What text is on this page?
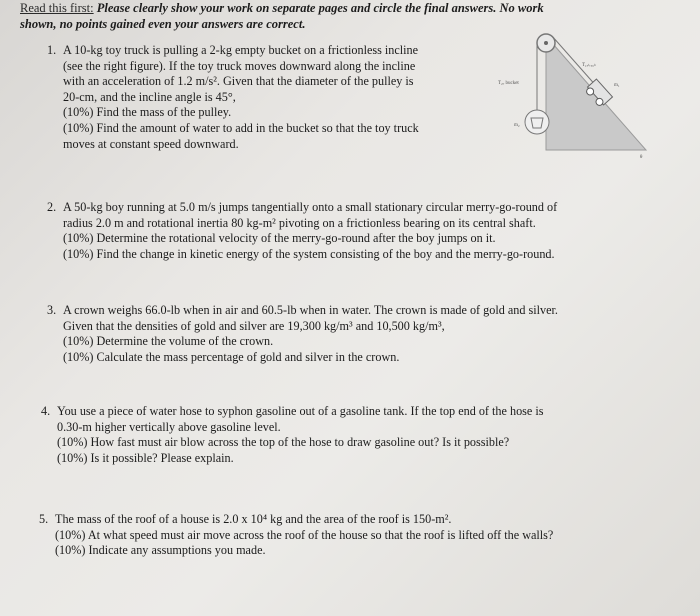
Read this first: Please clearly show your work on separate pages and circle the final answers. No work
shown, no points gained even your answers are correct.
1. A 10-kg toy truck is pulling a 2-kg empty bucket on a frictionless incline
(see the right figure). If the toy truck moves downward along the incline
with an acceleration of 1.2 m/s². Given that the diameter of the pulley is
20-cm, and the incline angle is 45°,
(10%) Find the mass of the pulley.
(10%) Find the amount of water to add in the bucket so that the toy truck
moves at constant speed downward.
T₁ₑₜᵣᵤ꜀ₖ
T₂ₒ bucket
m₂
m₁
θ
2. A 50-kg boy running at 5.0 m/s jumps tangentially onto a small stationary circular merry-go-round of
radius 2.0 m and rotational inertia 80 kg-m² pivoting on a frictionless bearing on its central shaft.
(10%) Determine the rotational velocity of the merry-go-round after the boy jumps on it.
(10%) Find the change in kinetic energy of the system consisting of the boy and the merry-go-round.
3. A crown weighs 66.0-lb when in air and 60.5-lb when in water. The crown is made of gold and silver.
Given that the densities of gold and silver are 19,300 kg/m³ and 10,500 kg/m³,
(10%) Determine the volume of the crown.
(10%) Calculate the mass percentage of gold and silver in the crown.
4. You use a piece of water hose to syphon gasoline out of a gasoline tank. If the top end of the hose is
0.30-m higher vertically above gasoline level.
(10%) How fast must air blow across the top of the hose to draw gasoline out? Is it possible?
(10%) Is it possible? Please explain.
5. The mass of the roof of a house is 2.0 x 10⁴ kg and the area of the roof is 150-m².
(10%) At what speed must air move across the roof of the house so that the roof is lifted off the walls?
(10%) Indicate any assumptions you made.
